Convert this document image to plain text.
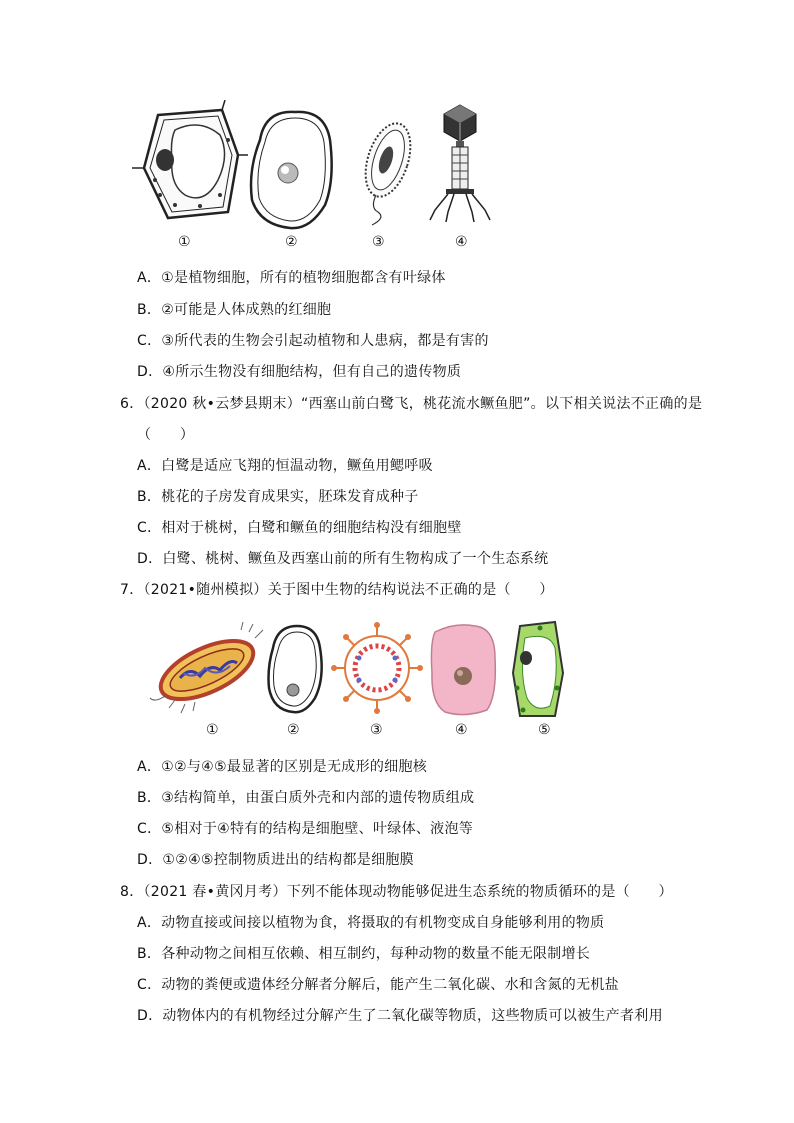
①	②	③	④
A．①是植物细胞，所有的植物细胞都含有叶绿体
B．②可能是人体成熟的红细胞
C．③所代表的生物会引起动植物和人患病，都是有害的
D．④所示生物没有细胞结构，但有自己的遗传物质
6．（2020 秋•云梦县期末）“西塞山前白鹭飞，桃花流水鳜鱼肥”。以下相关说法不正确的是
（　　）
A．白鹭是适应飞翔的恒温动物，鳜鱼用鳃呼吸
B．桃花的子房发育成果实，胚珠发育成种子
C．相对于桃树，白鹭和鳜鱼的细胞结构没有细胞壁
D．白鹭、桃树、鳜鱼及西塞山前的所有生物构成了一个生态系统
7．（2021•随州模拟）关于图中生物的结构说法不正确的是（　　）
①	②	③	④	⑤
A．①②与④⑤最显著的区别是无成形的细胞核
B．③结构简单，由蛋白质外壳和内部的遗传物质组成
C．⑤相对于④特有的结构是细胞壁、叶绿体、液泡等
D．①②④⑤控制物质进出的结构都是细胞膜
8．（2021 春•黄冈月考）下列不能体现动物能够促进生态系统的物质循环的是（　　）
A．动物直接或间接以植物为食，将摄取的有机物变成自身能够利用的物质
B．各种动物之间相互依赖、相互制约，每种动物的数量不能无限制增长
C．动物的粪便或遗体经分解者分解后，能产生二氧化碳、水和含氮的无机盐
D．动物体内的有机物经过分解产生了二氧化碳等物质，这些物质可以被生产者利用
